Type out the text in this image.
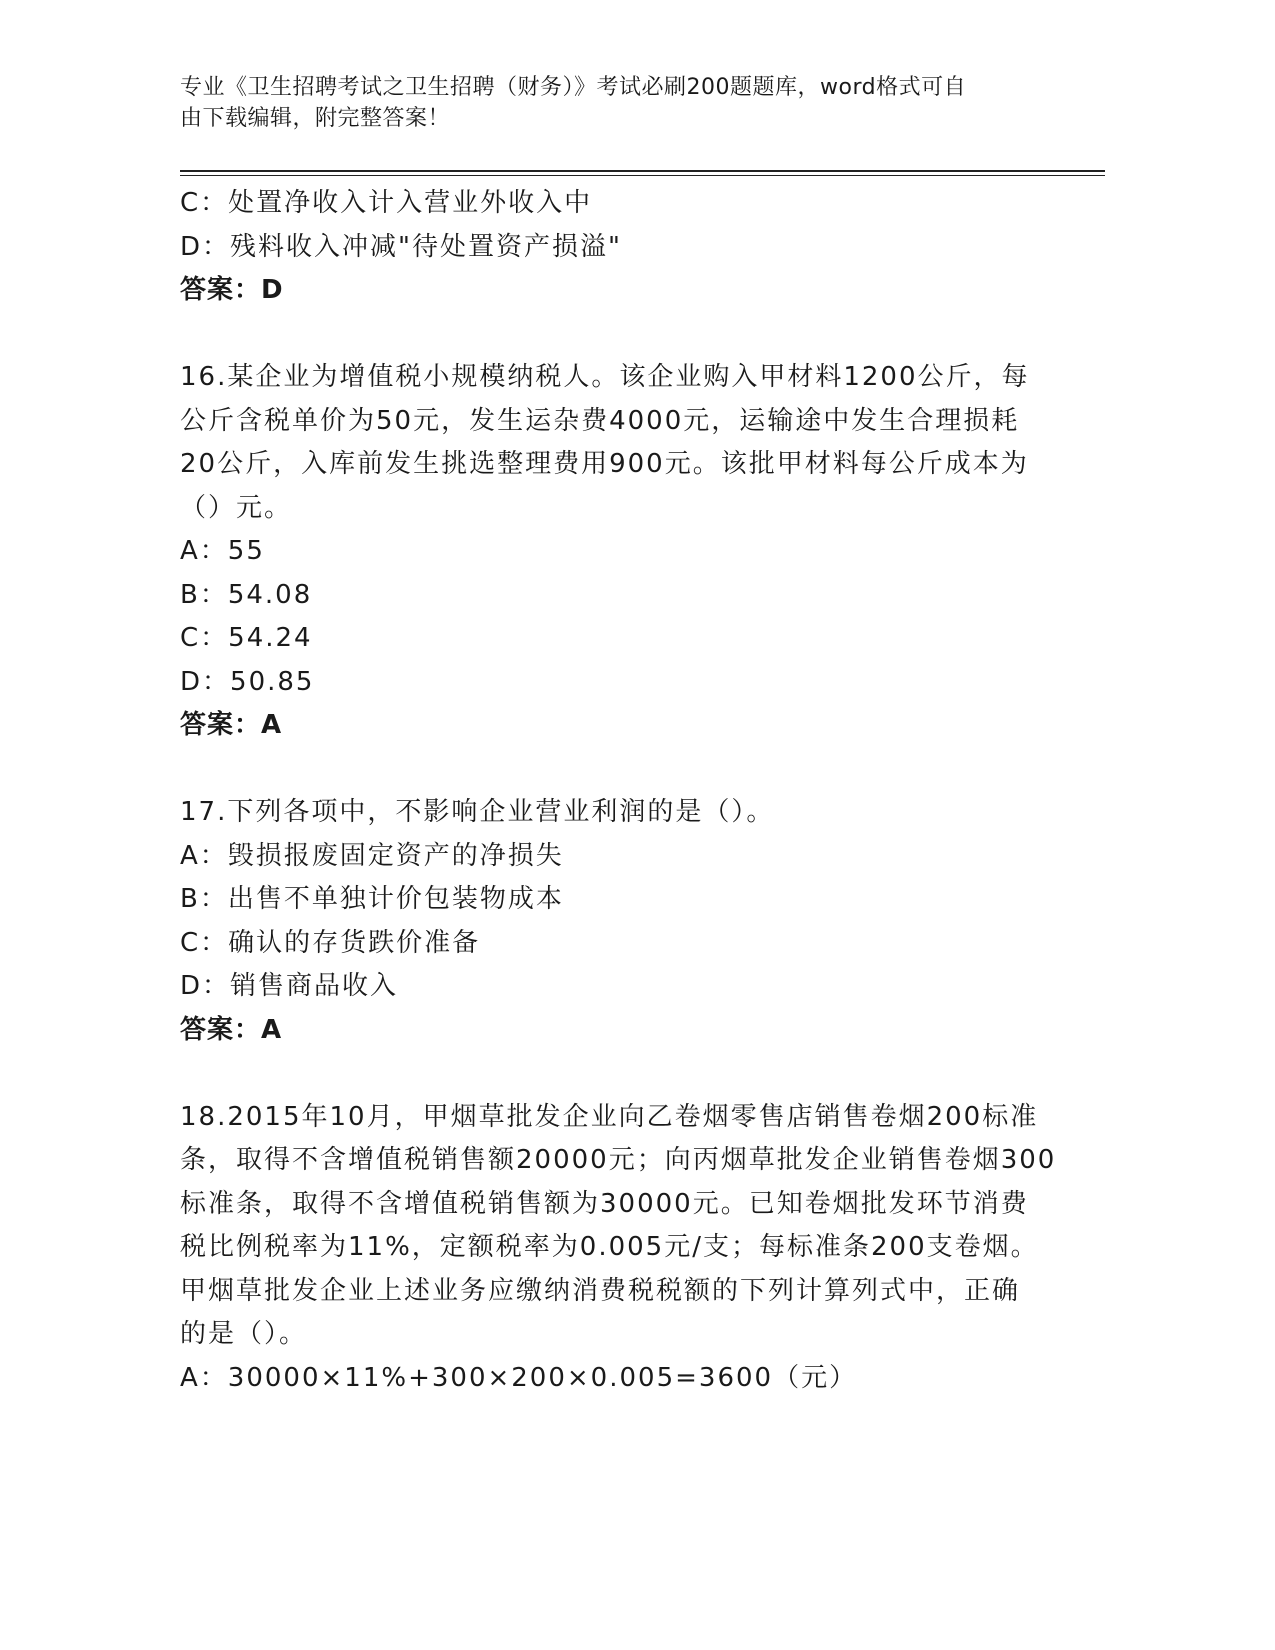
专业《卫生招聘考试之卫生招聘（财务）》考试必刷200题题库，word格式可自
由下载编辑，附完整答案！
C：处置净收入计入营业外收入中
D：残料收入冲减"待处置资产损溢"
答案：D
16.某企业为增值税小规模纳税人。该企业购入甲材料1200公斤，每
公斤含税单价为50元，发生运杂费4000元，运输途中发生合理损耗
20公斤，入库前发生挑选整理费用900元。该批甲材料每公斤成本为
（）元。
A：55
B：54.08
C：54.24
D：50.85
答案：A
17.下列各项中，不影响企业营业利润的是（）。
A：毁损报废固定资产的净损失
B：出售不单独计价包装物成本
C：确认的存货跌价准备
D：销售商品收入
答案：A
18.2015年10月，甲烟草批发企业向乙卷烟零售店销售卷烟200标准
条，取得不含增值税销售额20000元；向丙烟草批发企业销售卷烟300
标准条，取得不含增值税销售额为30000元。已知卷烟批发环节消费
税比例税率为11%，定额税率为0.005元/支；每标准条200支卷烟。
甲烟草批发企业上述业务应缴纳消费税税额的下列计算列式中，正确
的是（）。
A：30000×11%+300×200×0.005=3600（元）
